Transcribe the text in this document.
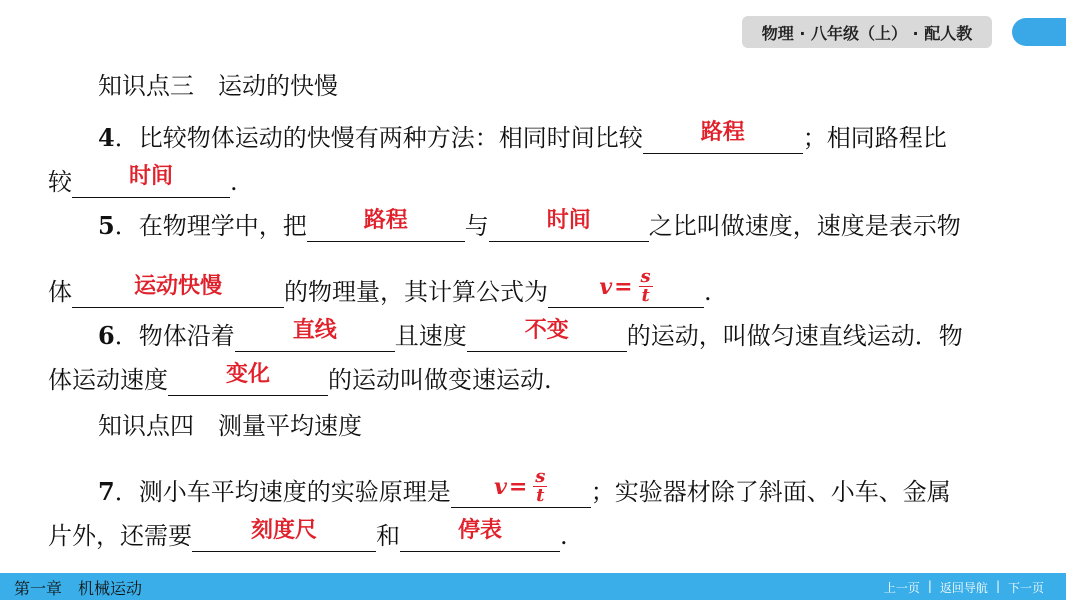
物理 · 八年级（上） · 配人教
知识点三　运动的快慢
4．比较物体运动的快慢有两种方法：相同时间比较	路程	；相同路程比
较	时间	.
5．在物理学中，把	路程	与	时间	之比叫做速度，速度是表示物
体	运动快慢	的物理量，其计算公式为 $v = \frac{s}{t}$ .
6．物体沿着	直线	且速度	不变	的运动，叫做匀速直线运动．物
体运动速度	变化	的运动叫做变速运动.
知识点四　测量平均速度
7．测小车平均速度的实验原理是 $v = \frac{s}{t}$ ；实验器材除了斜面、小车、金属
片外，还需要	刻度尺	和	停表	.
第一章　机械运动	上一页 | 返回导航 | 下一页
